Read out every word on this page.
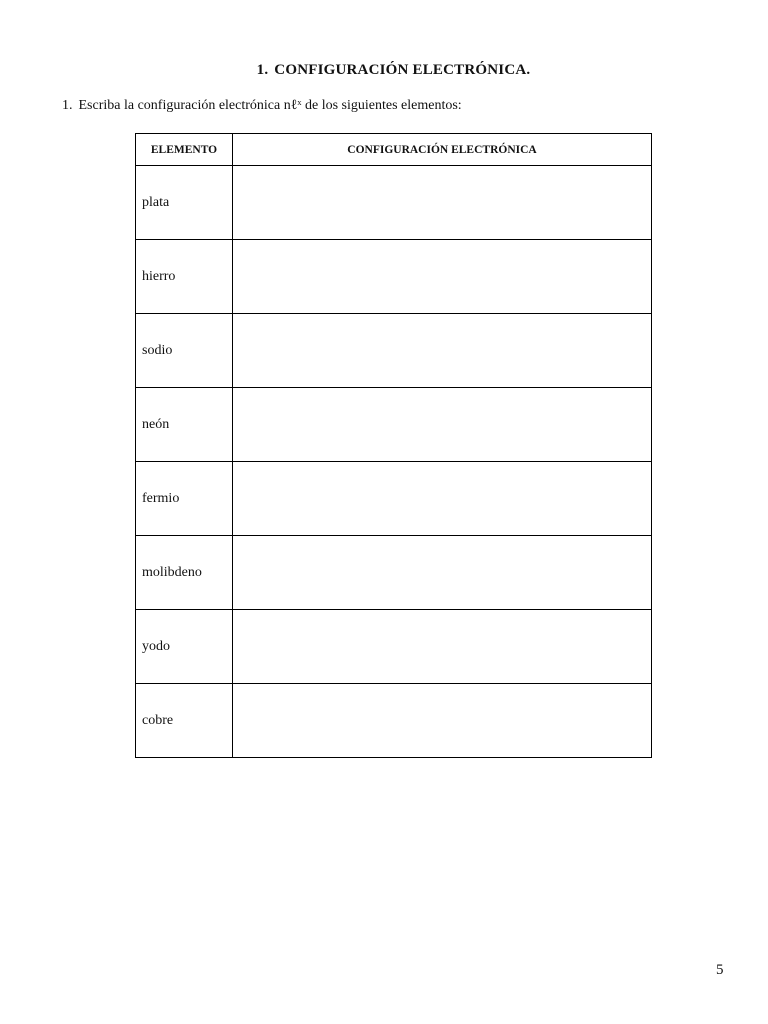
1. CONFIGURACIÓN ELECTRÓNICA.
1. Escriba la configuración electrónica nℓˣ de los siguientes elementos:
ELEMENTO	CONFIGURACIÓN ELECTRÓNICA
plata	
hierro	
sodio	
neón	
fermio	
molibdeno	
yodo	
cobre	
5
